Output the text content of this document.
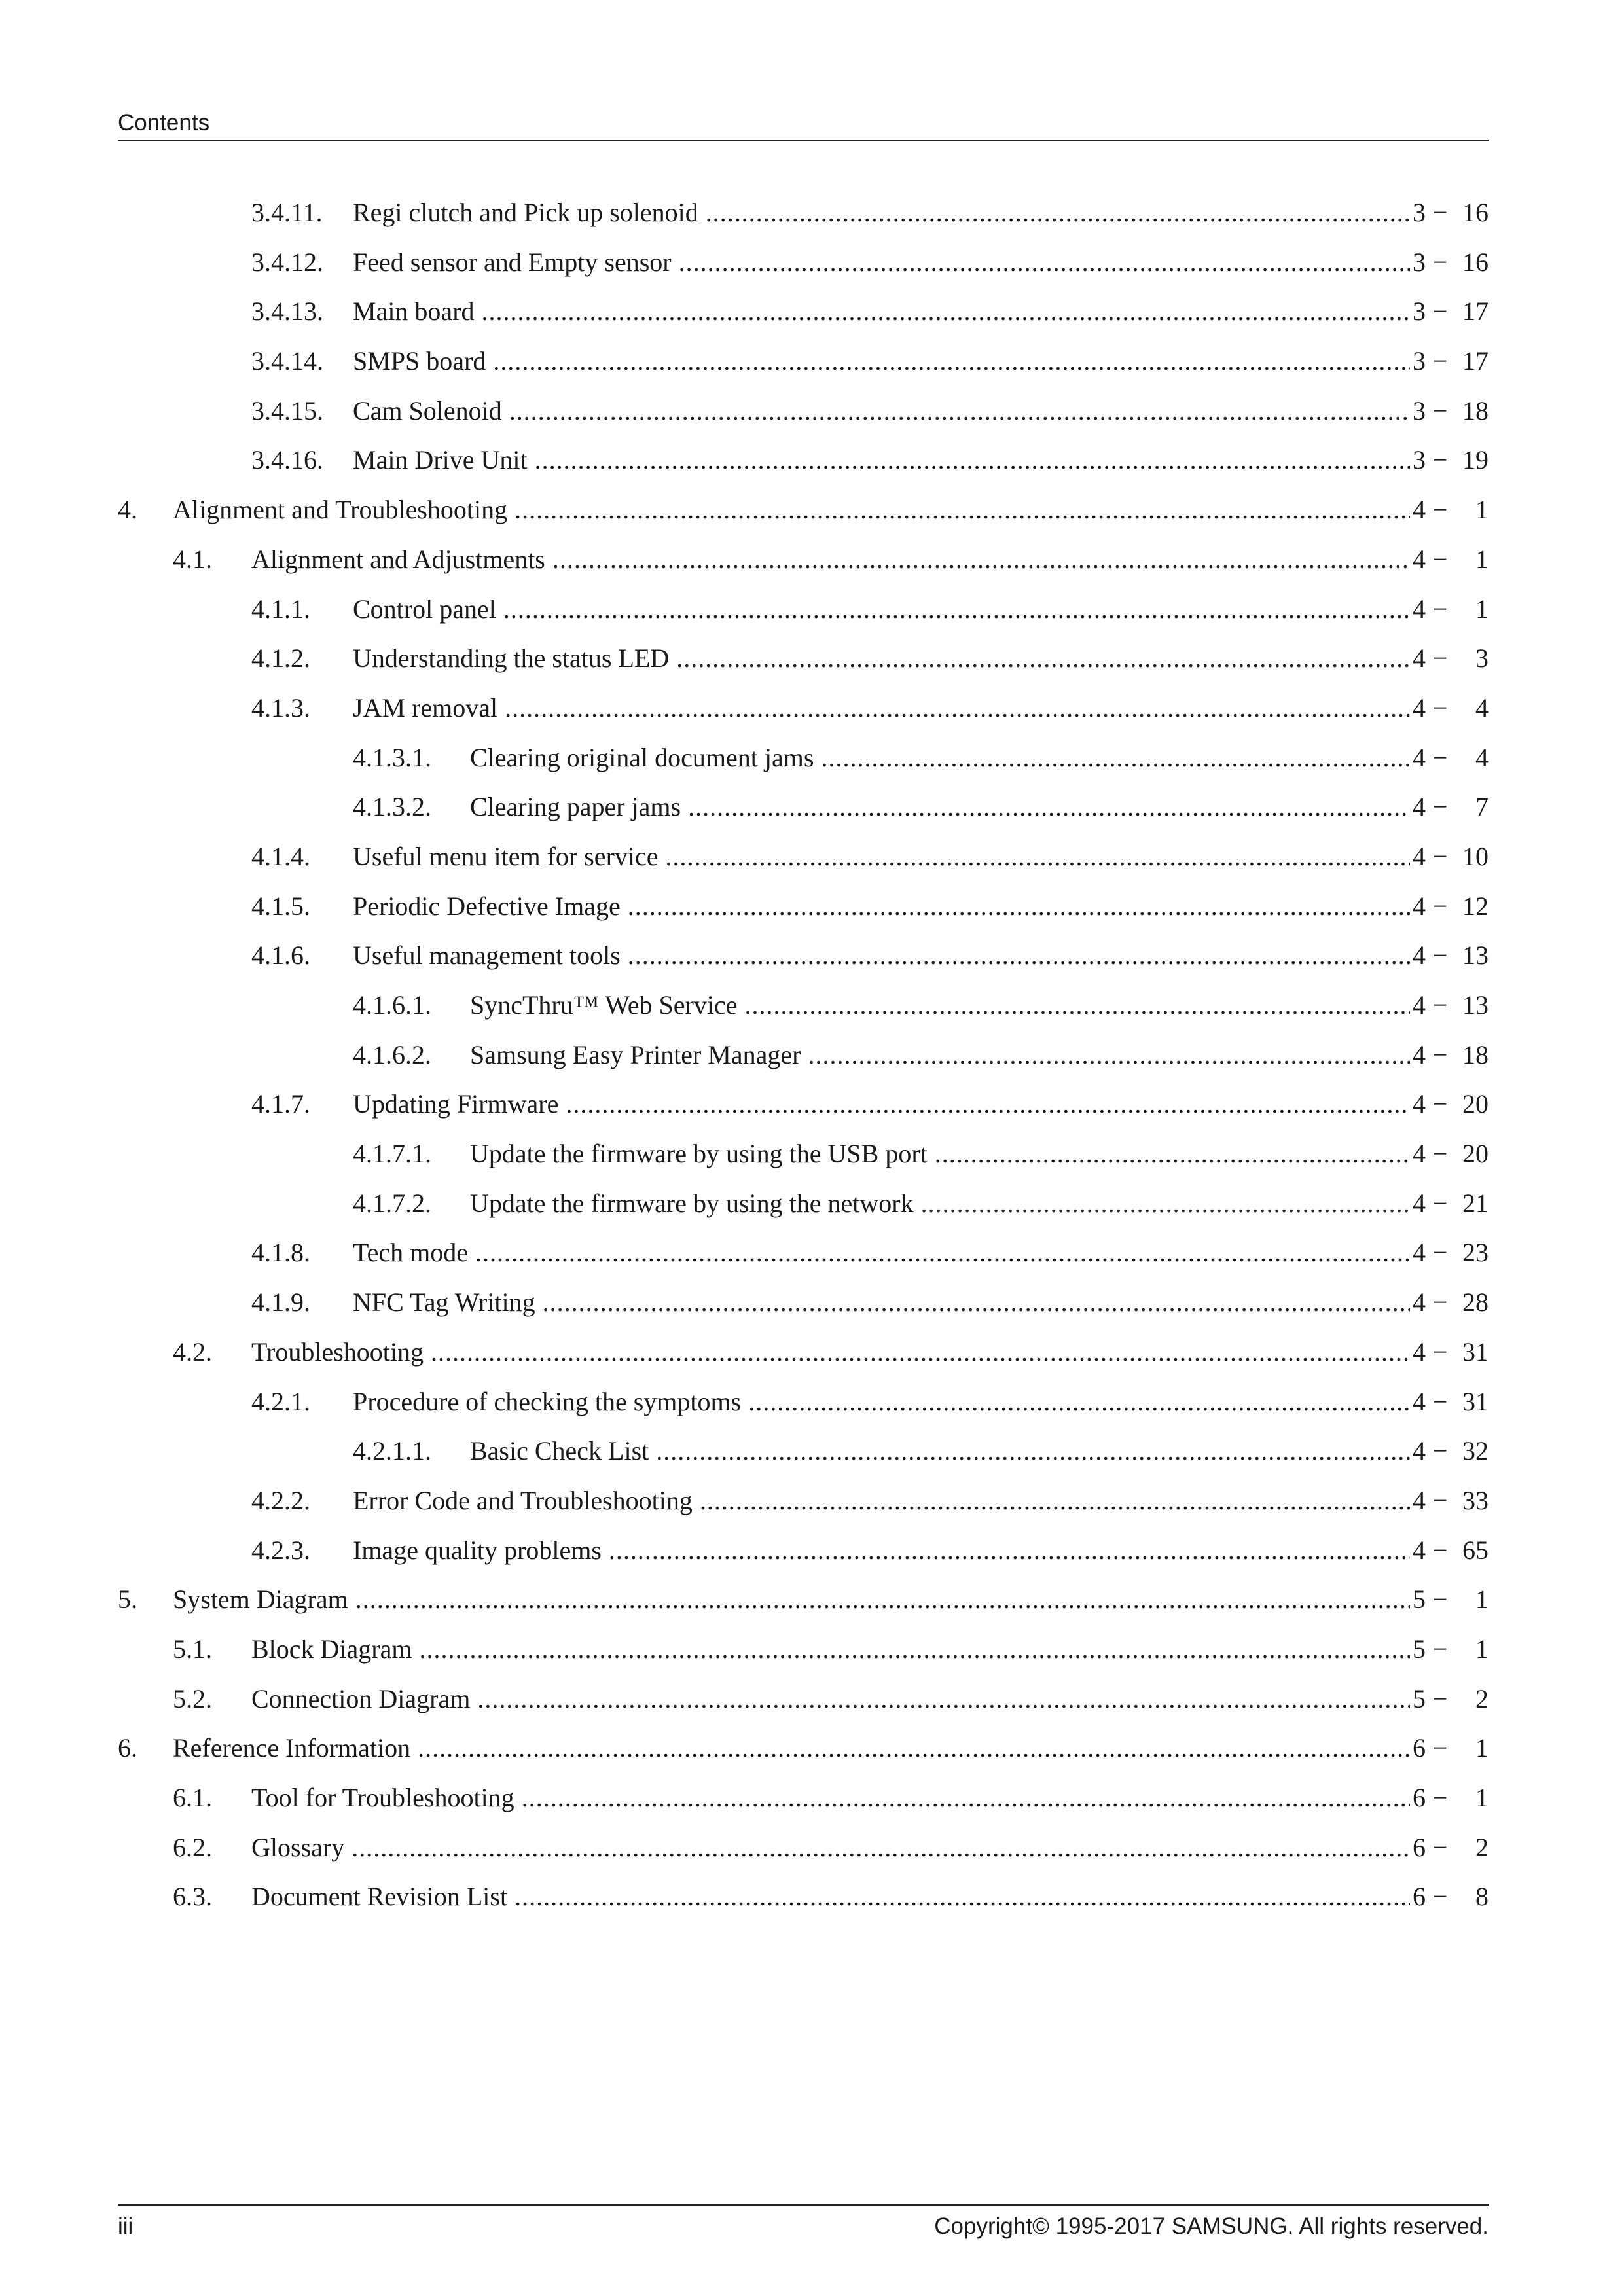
Contents
3.4.11. Regi clutch and Pick up solenoid .....	3 − 16
3.4.12. Feed sensor and Empty sensor .....	3 − 16
3.4.13. Main board .....	3 − 17
3.4.14. SMPS board .....	3 − 17
3.4.15. Cam Solenoid .....	3 − 18
3.4.16. Main Drive Unit .....	3 − 19
4. Alignment and Troubleshooting .....	4 −	1
4.1. Alignment and Adjustments .....	4 −	1
4.1.1. Control panel .....	4 −	1
4.1.2. Understanding the status LED .....	4 −	3
4.1.3. JAM removal .....	4 −	4
4.1.3.1. Clearing original document jams .....	4 −	4
4.1.3.2. Clearing paper jams .....	4 −	7
4.1.4. Useful menu item for service .....	4 − 10
4.1.5. Periodic Defective Image .....	4 − 12
4.1.6. Useful management tools .....	4 − 13
4.1.6.1. SyncThru™ Web Service .....	4 − 13
4.1.6.2. Samsung Easy Printer Manager .....	4 − 18
4.1.7. Updating Firmware .....	4 − 20
4.1.7.1. Update the firmware by using the USB port .....	4 − 20
4.1.7.2. Update the firmware by using the network .....	4 − 21
4.1.8. Tech mode .....	4 − 23
4.1.9. NFC Tag Writing .....	4 − 28
4.2. Troubleshooting .....	4 − 31
4.2.1. Procedure of checking the symptoms .....	4 − 31
4.2.1.1. Basic Check List .....	4 − 32
4.2.2. Error Code and Troubleshooting .....	4 − 33
4.2.3. Image quality problems .....	4 − 65
5. System Diagram .....	5 −	1
5.1. Block Diagram .....	5 −	1
5.2. Connection Diagram .....	5 −	2
6. Reference Information .....	6 −	1
6.1. Tool for Troubleshooting .....	6 −	1
6.2. Glossary .....	6 −	2
6.3. Document Revision List .....	6 −	8
iii	Copyright© 1995-2017 SAMSUNG. All rights reserved.
